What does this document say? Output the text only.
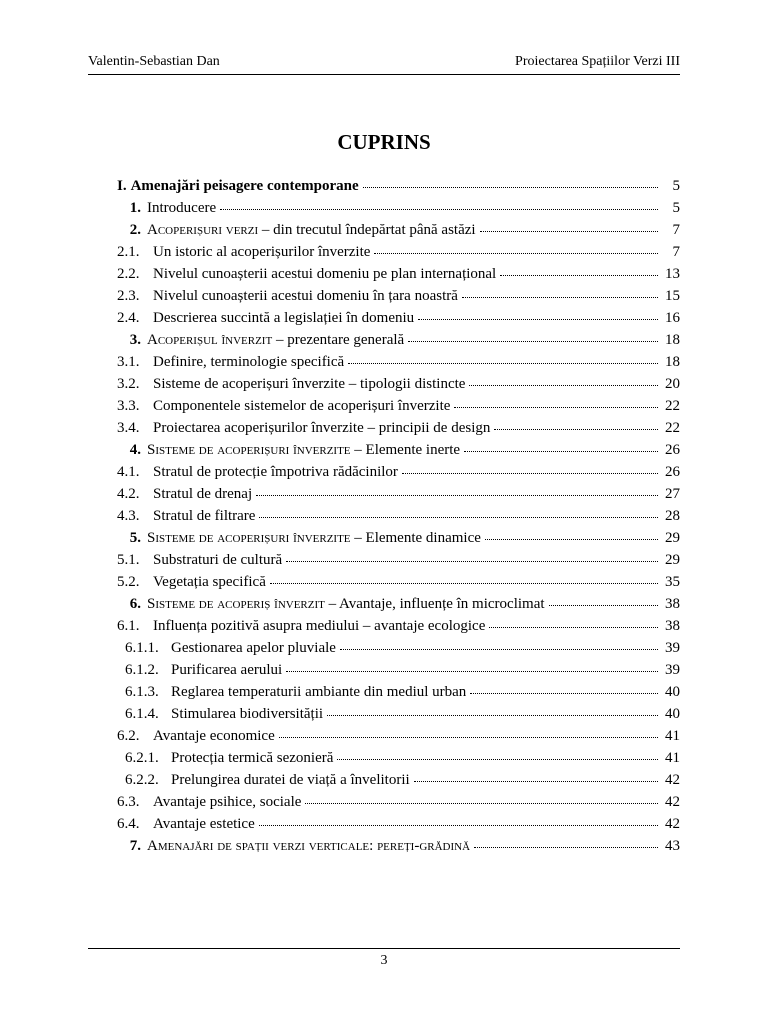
Valentin-Sebastian Dan	Proiectarea Spațiilor Verzi III
CUPRINS
I. Amenajări peisagere contemporane	5
1. Introducere	5
2. Acoperișuri verzi – din trecutul îndepărtat până astăzi	7
2.1. Un istoric al acoperișurilor înverzite	7
2.2. Nivelul cunoașterii acestui domeniu pe plan internațional	13
2.3. Nivelul cunoașterii acestui domeniu în țara noastră	15
2.4. Descrierea succintă a legislației în domeniu	16
3. Acoperișul înverzit – prezentare generală	18
3.1. Definire, terminologie specifică	18
3.2. Sisteme de acoperișuri înverzite – tipologii distincte	20
3.3. Componentele sistemelor de acoperișuri înverzite	22
3.4. Proiectarea acoperișurilor înverzite – principii de design	22
4. Sisteme de acoperișuri înverzite – Elemente inerte	26
4.1. Stratul de protecție împotriva rădăcinilor	26
4.2. Stratul de drenaj	27
4.3. Stratul de filtrare	28
5. Sisteme de acoperișuri înverzite – Elemente dinamice	29
5.1. Substraturi de cultură	29
5.2. Vegetația specifică	35
6. Sisteme de acoperiș înverzit – Avantaje, influențe în microclimat	38
6.1. Influența pozitivă asupra mediului – avantaje ecologice	38
6.1.1. Gestionarea apelor pluviale	39
6.1.2. Purificarea aerului	39
6.1.3. Reglarea temperaturii ambiante din mediul urban	40
6.1.4. Stimularea biodiversității	40
6.2. Avantaje economice	41
6.2.1. Protecția termică sezonieră	41
6.2.2. Prelungirea duratei de viață a învelitorii	42
6.3. Avantaje psihice, sociale	42
6.4. Avantaje estetice	42
7. Amenajări de spații verzi verticale: pereți-grădină	43
3
